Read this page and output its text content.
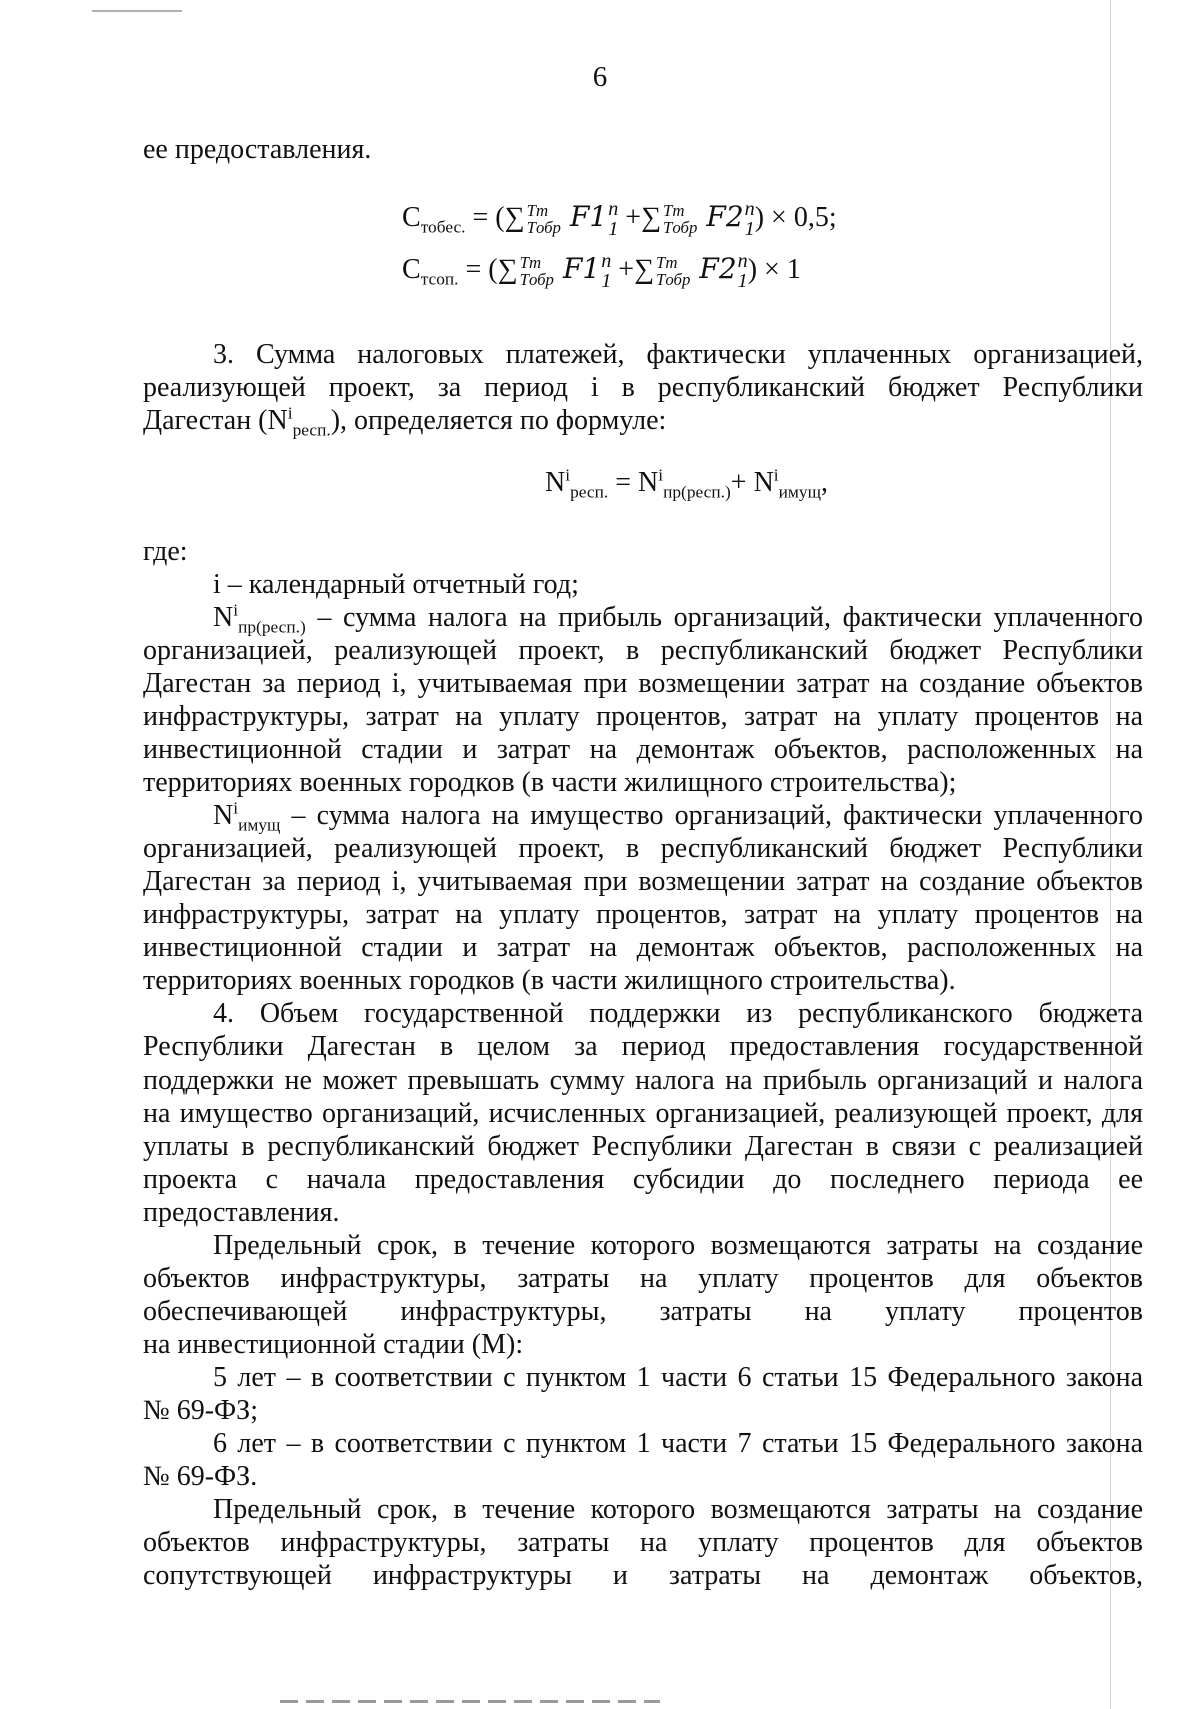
6

ее предоставления.

$С_{тобес.}$ = (∑ Tm
Tобр F1 n
1 +∑ Tm
Tобр F2 n
1 ) × 0,5;
$С_{тсоп.}$ = (∑ Tm
Tобр F1 n
1 +∑ Tm
Tобр F2 n
1 ) × 1

3. Сумма налоговых платежей, фактически уплаченных организацией,

реализующей проект, за период i в республиканский бюджет Республики

Дагестан $(N^i_{респ.})$, определяется по формуле:

$N^i_{респ.} = N^i_{пр(респ.)}+ N^i_{имущ}$,

где:

i – календарный отчетный год;

$N^i_{пр(респ.)}$ – сумма налога на прибыль организаций, фактически уплаченного

организацией, реализующей проект, в республиканский бюджет Республики

Дагестан за период i, учитываемая при возмещении затрат на создание объектов

инфраструктуры, затрат на уплату процентов, затрат на уплату процентов на

инвестиционной стадии и затрат на демонтаж объектов, расположенных на

территориях военных городков (в части жилищного строительства);

$N^i_{имущ}$ – сумма налога на имущество организаций, фактически уплаченного

организацией, реализующей проект, в республиканский бюджет Республики

Дагестан за период i, учитываемая при возмещении затрат на создание объектов

инфраструктуры, затрат на уплату процентов, затрат на уплату процентов на

инвестиционной стадии и затрат на демонтаж объектов, расположенных на

территориях военных городков (в части жилищного строительства).

4. Объем государственной поддержки из республиканского бюджета

Республики Дагестан в целом за период предоставления государственной

поддержки не может превышать сумму налога на прибыль организаций и налога

на имущество организаций, исчисленных организацией, реализующей проект, для

уплаты в республиканский бюджет Республики Дагестан в связи с реализацией

проекта с начала предоставления субсидии до последнего периода ее

предоставления.

Предельный срок, в течение которого возмещаются затраты на создание

объектов инфраструктуры, затраты на уплату процентов для объектов

обеспечивающей инфраструктуры, затраты на уплату процентов

на инвестиционной стадии (М):

5 лет – в соответствии с пунктом 1 части 6 статьи 15 Федерального закона

№ 69-ФЗ;

6 лет – в соответствии с пунктом 1 части 7 статьи 15 Федерального закона

№ 69-ФЗ.

Предельный срок, в течение которого возмещаются затраты на создание

объектов инфраструктуры, затраты на уплату процентов для объектов

сопутствующей инфраструктуры и затраты на демонтаж объектов,
